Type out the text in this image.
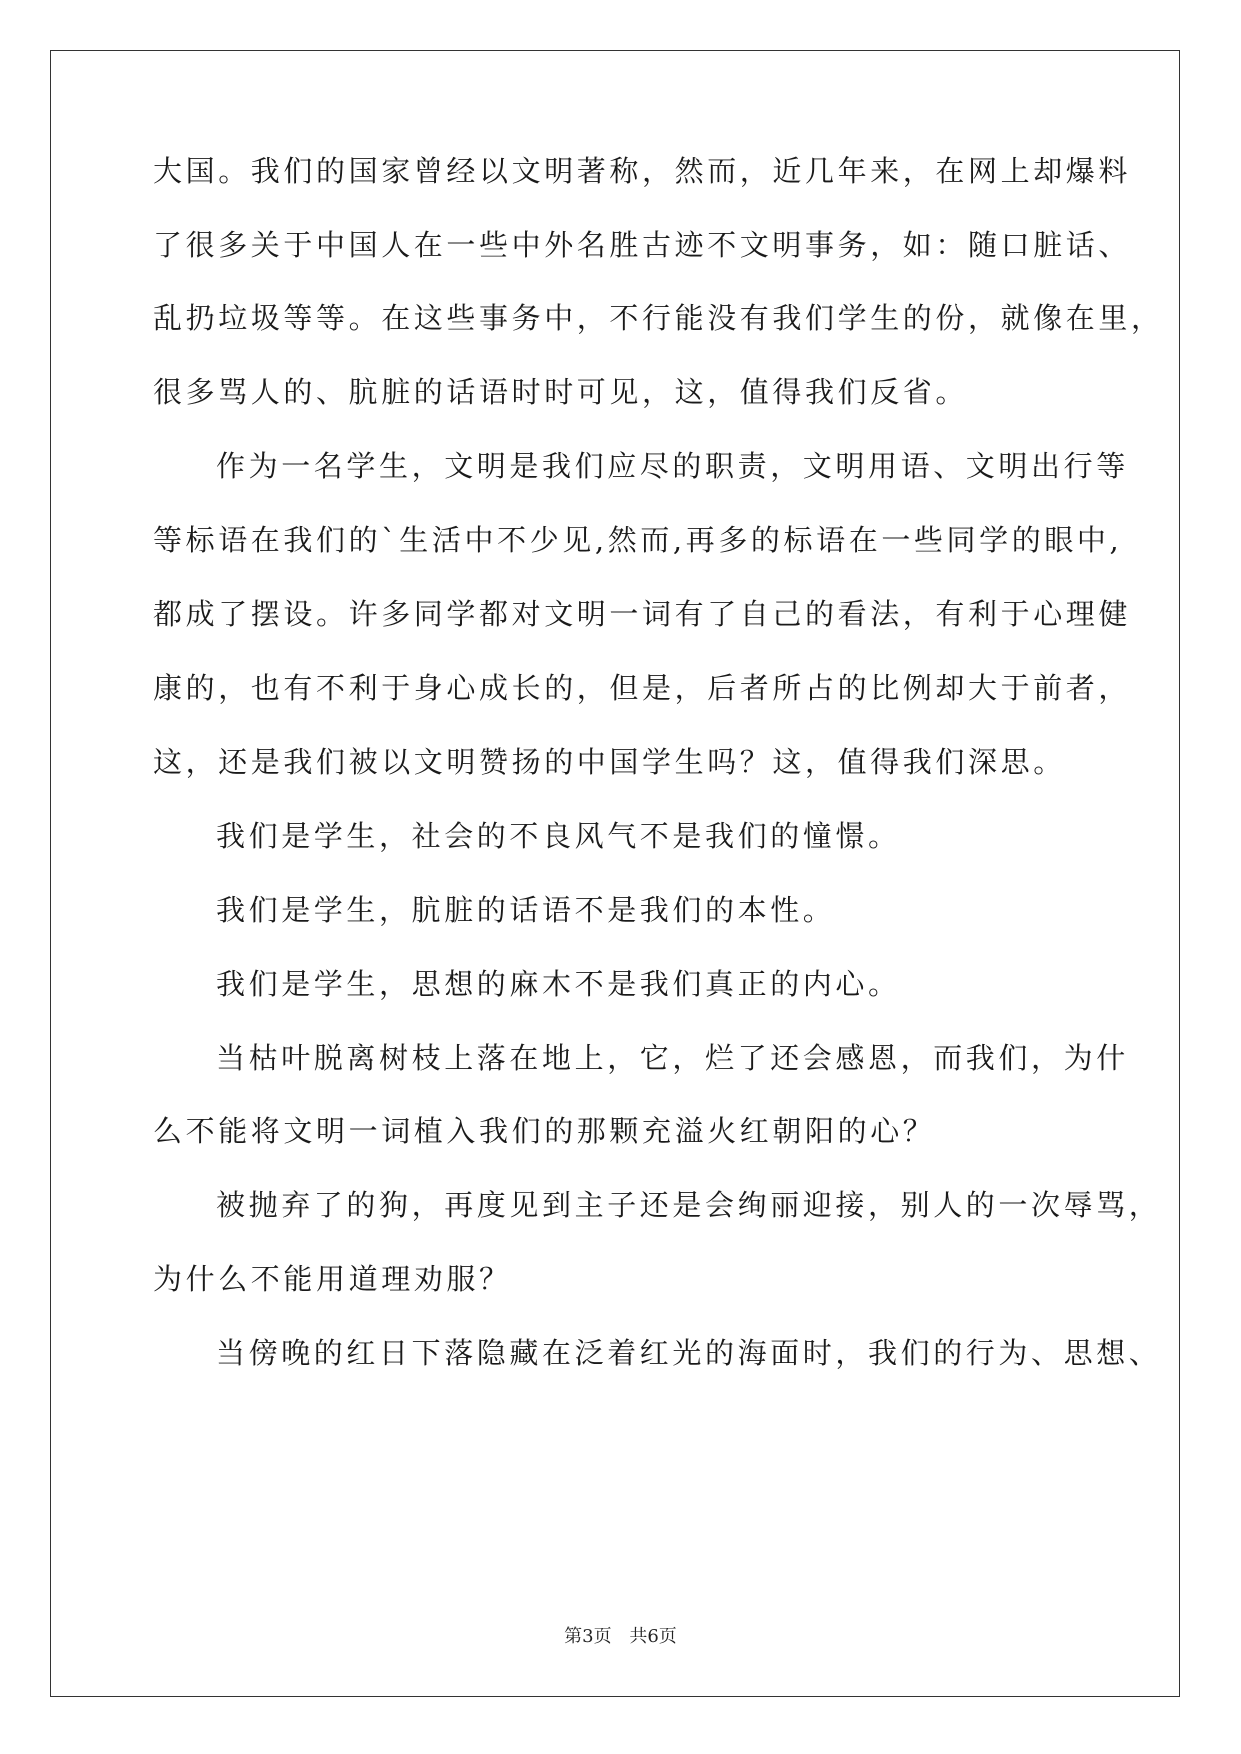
大国。我们的国家曾经以文明著称，然而，近几年来，在网上却爆料
了很多关于中国人在一些中外名胜古迹不文明事务，如：随口脏话、
乱扔垃圾等等。在这些事务中，不行能没有我们学生的份，就像在里，
很多骂人的、肮脏的话语时时可见，这，值得我们反省。
作为一名学生，文明是我们应尽的职责，文明用语、文明出行等
等标语在我们的`生活中不少见,然而,再多的标语在一些同学的眼中,
都成了摆设。许多同学都对文明一词有了自己的看法，有利于心理健
康的，也有不利于身心成长的，但是，后者所占的比例却大于前者，
这，还是我们被以文明赞扬的中国学生吗？这，值得我们深思。
我们是学生，社会的不良风气不是我们的憧憬。
我们是学生，肮脏的话语不是我们的本性。
我们是学生，思想的麻木不是我们真正的内心。
当枯叶脱离树枝上落在地上，它，烂了还会感恩，而我们，为什
么不能将文明一词植入我们的那颗充溢火红朝阳的心？
被抛弃了的狗，再度见到主子还是会绚丽迎接，别人的一次辱骂，
为什么不能用道理劝服？
当傍晚的红日下落隐藏在泛着红光的海面时，我们的行为、思想、
第3页 共6页
